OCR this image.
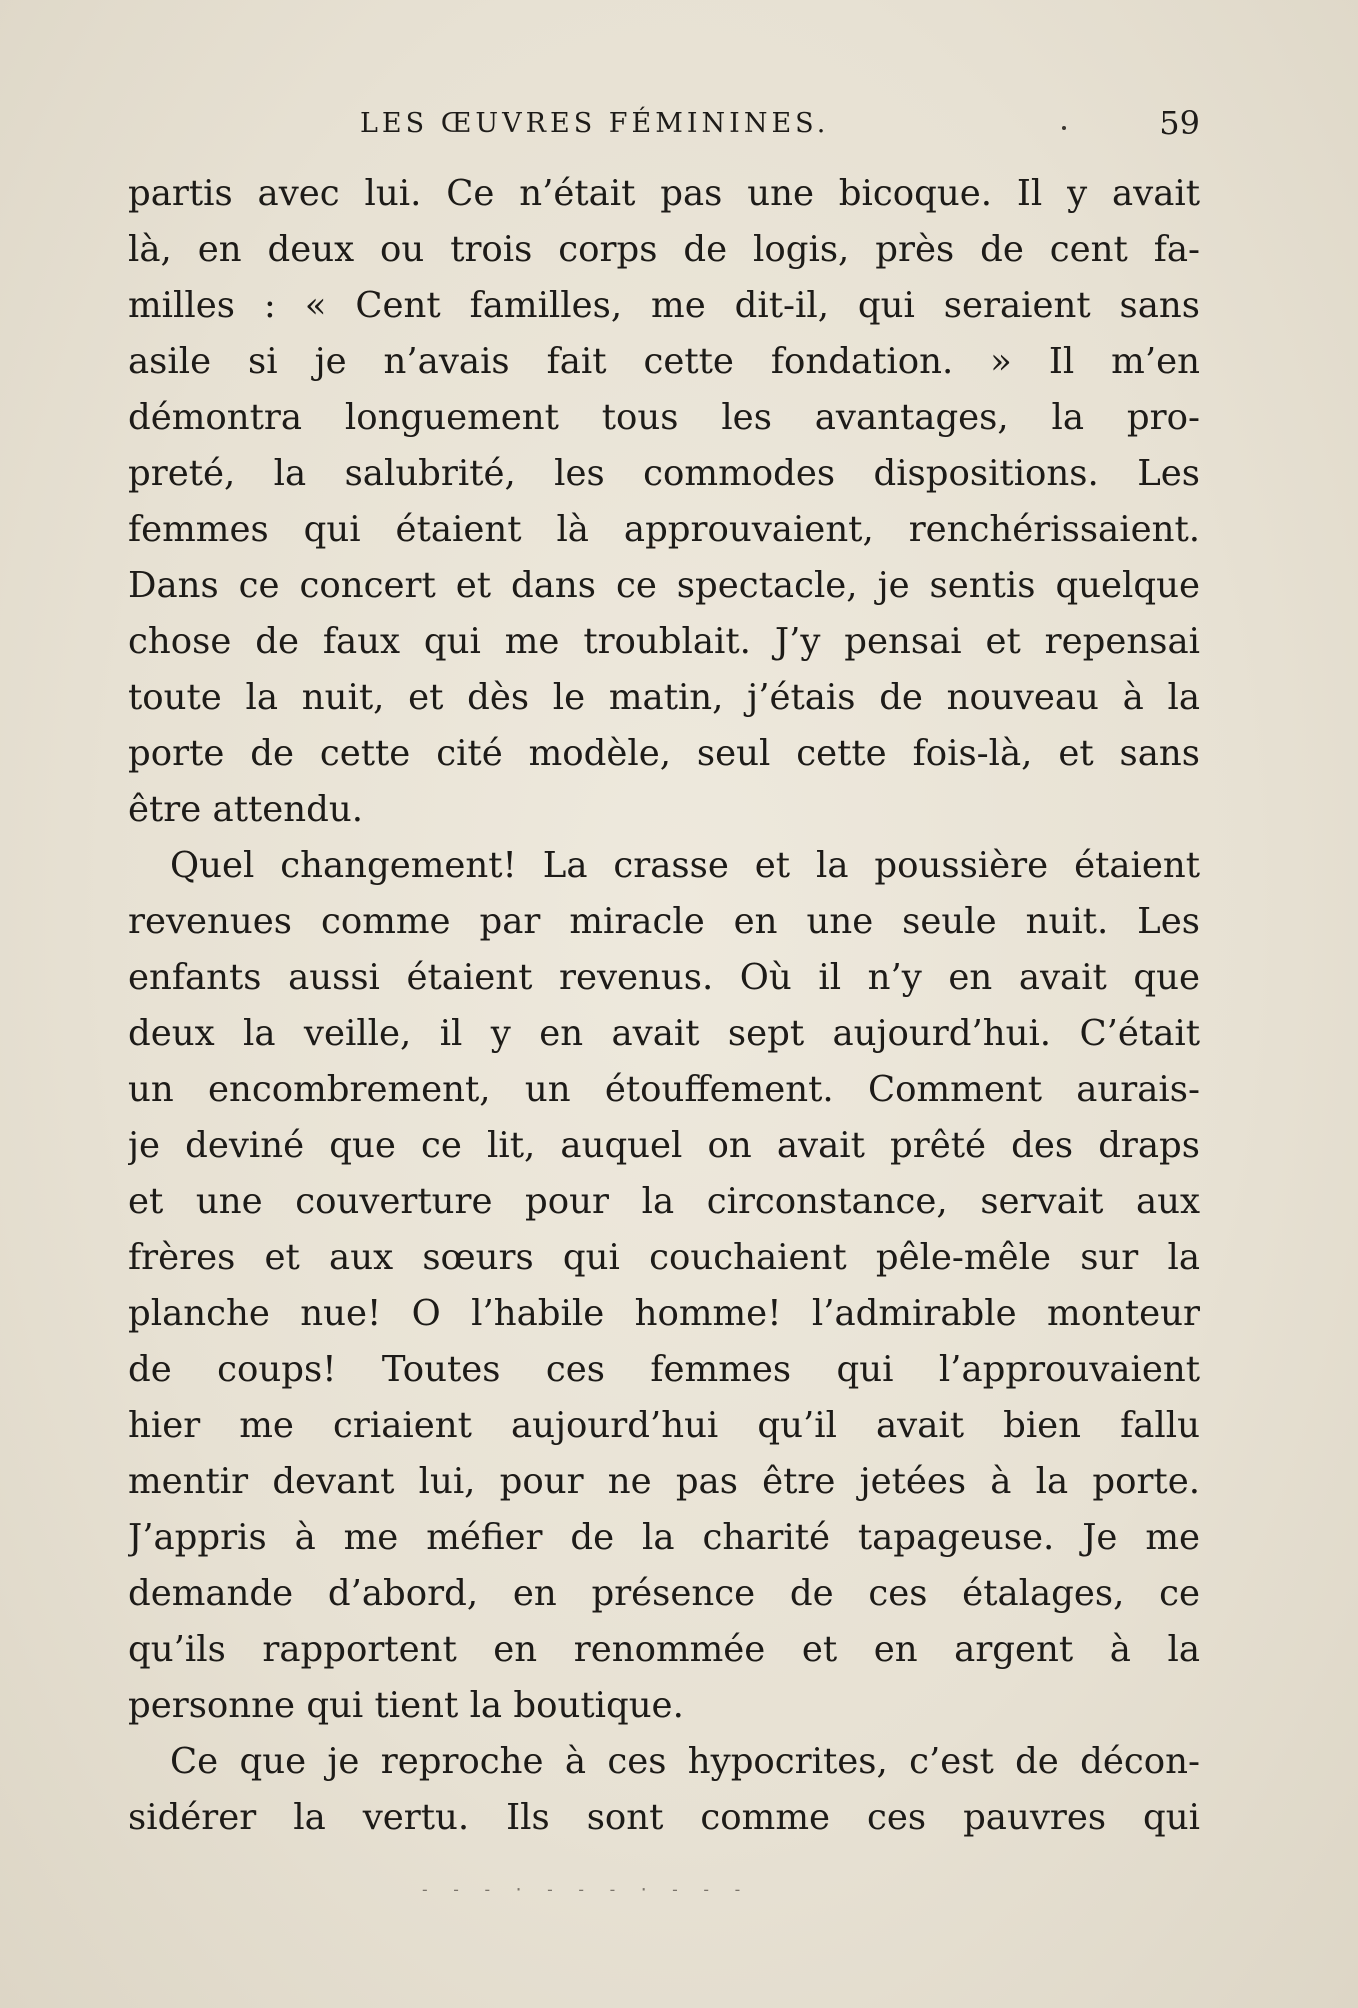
LES ŒUVRES FÉMININES.	59
partis avec lui. Ce n’était pas une bicoque. Il y avait
là, en deux ou trois corps de logis, près de cent fa-
milles : « Cent familles, me dit-il, qui seraient sans
asile si je n’avais fait cette fondation. » Il m’en
démontra longuement tous les avantages, la pro-
preté, la salubrité, les commodes dispositions. Les
femmes qui étaient là approuvaient, renchérissaient.
Dans ce concert et dans ce spectacle, je sentis quelque
chose de faux qui me troublait. J’y pensai et repensai
toute la nuit, et dès le matin, j’étais de nouveau à la
porte de cette cité modèle, seul cette fois-là, et sans
être attendu.
Quel changement! La crasse et la poussière étaient
revenues comme par miracle en une seule nuit. Les
enfants aussi étaient revenus. Où il n’y en avait que
deux la veille, il y en avait sept aujourd’hui. C’était
un encombrement, un étouffement. Comment aurais-
je deviné que ce lit, auquel on avait prêté des draps
et une couverture pour la circonstance, servait aux
frères et aux sœurs qui couchaient pêle-mêle sur la
planche nue! O l’habile homme! l’admirable monteur
de coups! Toutes ces femmes qui l’approuvaient
hier me criaient aujourd’hui qu’il avait bien fallu
mentir devant lui, pour ne pas être jetées à la porte.
J’appris à me méfier de la charité tapageuse. Je me
demande d’abord, en présence de ces étalages, ce
qu’ils rapportent en renommée et en argent à la
personne qui tient la boutique.
Ce que je reproche à ces hypocrites, c’est de décon-
sidérer la vertu. Ils sont comme ces pauvres qui
- - - · - - - · - - -
